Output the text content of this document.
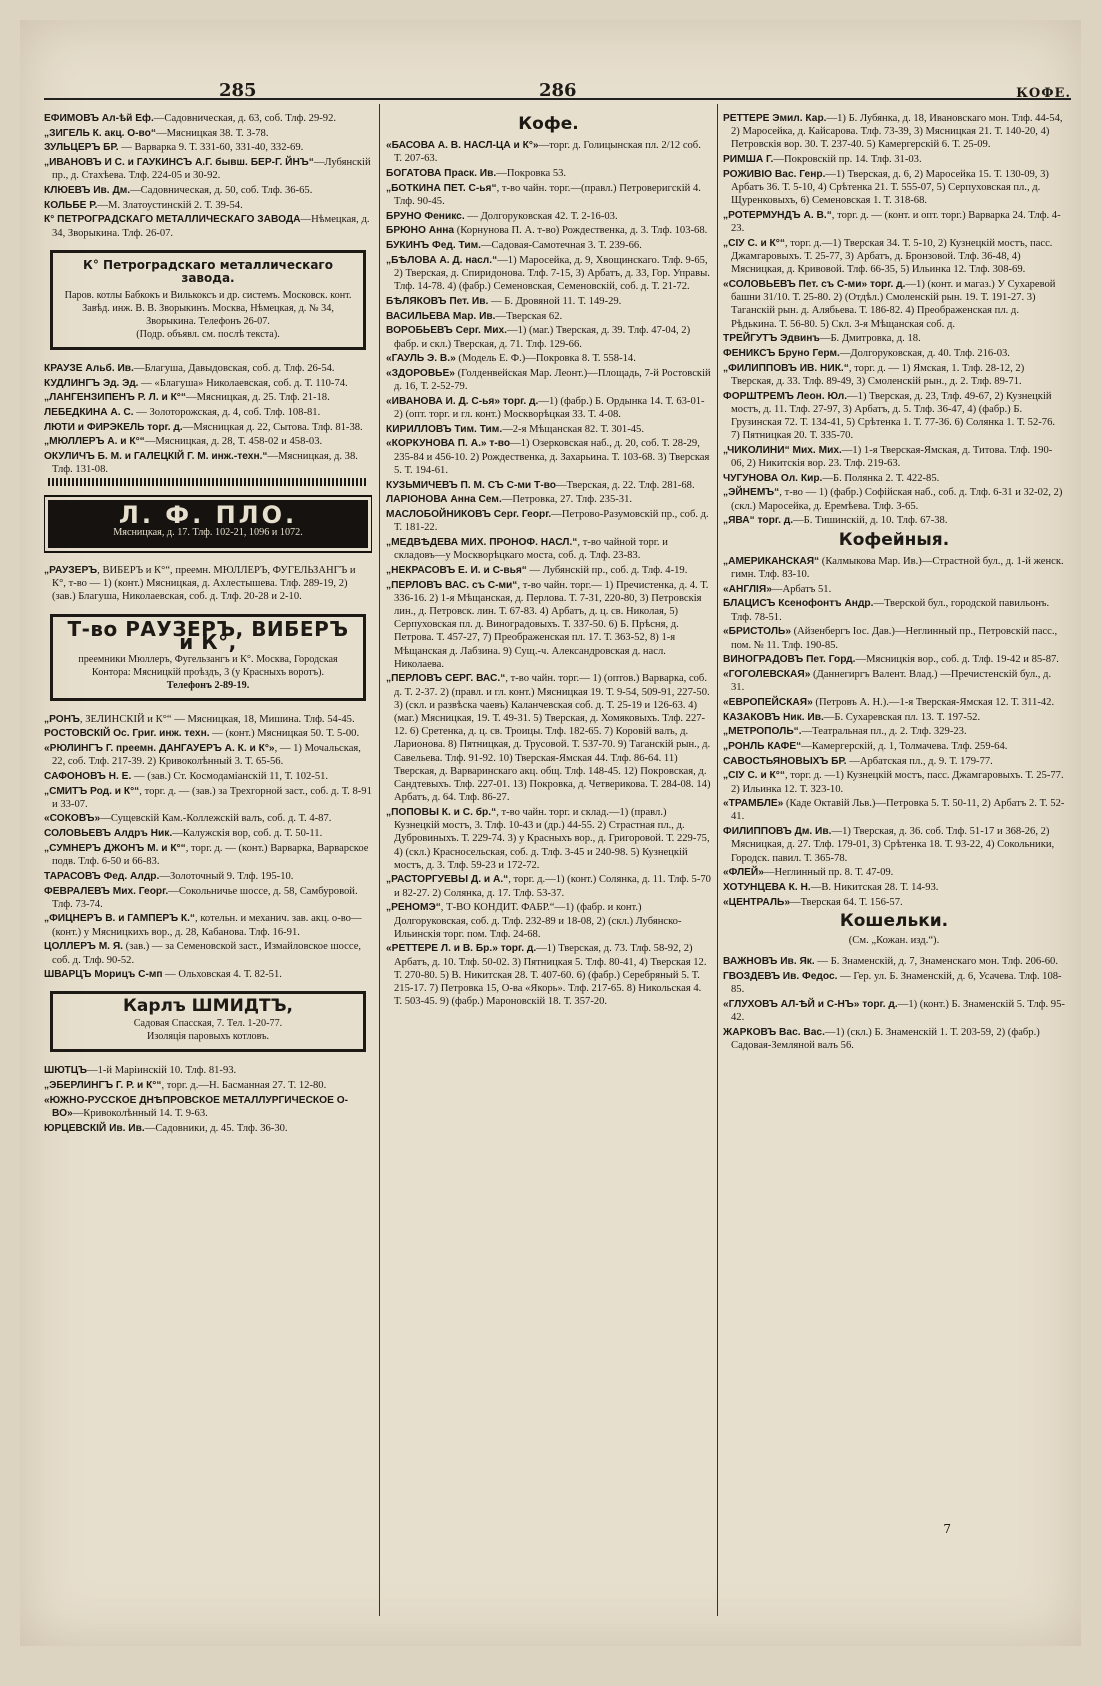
285	286	КОФЕ.
ЕФИМОВЪ Ал-ѣй Еф.—Садовническая, д. 63, соб. Тлф. 29-92.
„ЗИГЕЛЬ К. акц. О-во“—Мясницкая 38. Т. 3-78.
ЗУЛЬЦЕРЪ БР. — Варварка 9. Т. 331-60, 331-40, 332-69.
„ИВАНОВЪ И С. и ГАУКИНСЪ А.Г. бывш. БЕР-Г. ЙНЪ“—Лубянскій пр., д. Стахѣева. Тлф. 224-05 и 30-92.
КЛЮЕВЪ Ив. Дм.—Садовническая, д. 50, соб. Тлф. 36-65.
КОЛЬБЕ Р.—М. Златоустинскій 2. Т. 39-54.
К° ПЕТРОГРАДСКАГО МЕТАЛЛИЧЕСКАГО ЗАВОДА—Нѣмецкая, д. 34, Зворыкина. Тлф. 26-07.
К° Петроградскаго металлическаго завода.
Паров. котлы Бабкокъ и Вилькоксъ и др. системъ. Московск. конт. Завѣд. инж. В. В. Зворыкинъ. Москва, Нѣмецкая, д. № 34, Зворыкина. Телефонъ 26-07.
(Подр. объявл. см. послѣ текста).
КРАУЗЕ Альб. Ив.—Благуша, Давыдовская, соб. д. Тлф. 26-54.
КУДЛИНГЪ Эд. Эд. — «Благуша» Николаевская, соб. д. Т. 110-74.
„ЛАНГЕНЗИПЕНЪ Р. Л. и К°“—Мясницкая, д. 25. Тлф. 21-18.
ЛЕБЕДКИНА А. С. — Золоторожская, д. 4, соб. Тлф. 108-81.
ЛЮТИ и ФИРЭКЕЛЬ торг. д.—Мясницкая д. 22, Сытова. Тлф. 81-38.
„МЮЛЛЕРЪ А. и К°“—Мясницкая, д. 28, Т. 458-02 и 458-03.
ОКУЛИЧЪ Б. М. и ГАЛЕЦКІЙ Г. М. инж.-техн.“—Мясницкая, д. 38. Тлф. 131-08.
Л. Ф. ПЛО.
Мясницкая, д. 17. Тлф. 102-21, 1096 и 1072.
„РАУЗЕРЪ, ВИБЕРЪ и К°“, преемн. МЮЛЛЕРЪ, ФУГЕЛЬЗАНГЪ и К°, т-во — 1) (конт.) Мясницкая, д. Ахлестышева. Тлф. 289-19, 2) (зав.) Благуша, Николаевская, соб. д. Тлф. 20-28 и 2-10.
Т-во РАУЗЕРЪ, ВИБЕРЪ и К°,
преемники Мюллеръ, Фугельзангъ и К°. Москва, Городская Контора: Мясницкій проѣздъ, 3 (у Красныхъ воротъ).
Телефонъ 2-89-19.
„РОНЪ, ЗЕЛИНСКІЙ и К°“ — Мясницкая, 18, Мишина. Тлф. 54-45.
РОСТОВСКІЙ Ос. Григ. инж. техн. — (конт.) Мясницкая 50. Т. 5-00.
«РЮЛИНГЪ Г. преемн. ДАНГАУЕРЪ А. К. и К°», — 1) Мочальская, 22, соб. Тлф. 217-39. 2) Кривоколѣнный 3. Т. 65-56.
САФОНОВЪ Н. Е. — (зав.) Ст. Космодаміанскій 11, Т. 102-51.
„СМИТЪ Род. и К°“, торг. д. — (зав.) за Трехгорной заст., соб. д. Т. 8-91 и 33-07.
«СОКОВЪ»—Сущевскій Кам.-Коллежскій валъ, соб. д. Т. 4-87.
СОЛОВЬЕВЪ Алдръ Ник.—Калужскія вор, соб. д. Т. 50-11.
„СУМНЕРЪ ДЖОНЪ М. и К°“, торг. д. — (конт.) Варварка, Варварское подв. Тлф. 6-50 и 66-83.
ТАРАСОВЪ Фед. Алдр.—Золоточный 9. Тлф. 195-10.
ФЕВРАЛЕВЪ Мих. Георг.—Сокольничье шоссе, д. 58, Самбуровой. Тлф. 73-74.
„ФИЦНЕРЪ В. и ГАМПЕРЪ К.“, котельн. и механич. зав. акц. о-во—(конт.) у Мясницкихъ вор., д. 28, Кабанова. Тлф. 16-91.
ЦОЛЛЕРЪ М. Я. (зав.) — за Семеновской заст., Измайловское шоссе, соб. д. Тлф. 90-52.
ШВАРЦЪ Морицъ С-мп — Ольховская 4. Т. 82-51.
Карлъ ШМИДТЪ,
Садовая Спасская, 7. Тел. 1-20-77.
Изоляція паровыхъ котловъ.
ШЮТЦЪ—1-й Маріинскій 10. Тлф. 81-93.
„ЭБЕРЛИНГЪ Г. Р. и К°“, торг. д.—Н. Басманная 27. Т. 12-80.
«ЮЖНО-РУССКОЕ ДНѢПРОВСКОЕ МЕТАЛЛУРГИЧЕСКОЕ О-ВО»—Кривоколѣнный 14. Т. 9-63.
ЮРЦЕВСКІЙ Ив. Ив.—Садовники, д. 45. Тлф. 36-30.
Кофе.
«БАСОВА А. В. НАСЛ-ЦА и К°»—торг. д. Голицынская пл. 2/12 соб. Т. 207-63.
БОГАТОВА Праск. Ив.—Покровка 53.
„БОТКИНА ПЕТ. С-ья“, т-во чайн. торг.—(правл.) Петроверигскій 4. Тлф. 90-45.
БРУНО Феникс. — Долгоруковская 42. Т. 2-16-03.
БРЮНО Анна (Корнунова П. А. т-во) Рождественка, д. 3. Тлф. 103-68.
БУКИНЪ Фед. Тим.—Садовая-Самотечная 3. Т. 239-66.
„БѢЛОВА А. Д. насл.“—1) Маросейка, д. 9, Хвощинскаго. Тлф. 9-65, 2) Тверская, д. Спиридонова. Тлф. 7-15, 3) Арбатъ, д. 33, Гор. Управы. Тлф. 14-78. 4) (фабр.) Семеновская, Семеновскій, соб. д. Т. 21-72.
БѢЛЯКОВЪ Пет. Ив. — Б. Дровяной 11. Т. 149-29.
ВАСИЛЬЕВА Мар. Ив.—Тверская 62.
ВОРОБЬЕВЪ Серг. Мих.—1) (маг.) Тверская, д. 39. Тлф. 47-04, 2) фабр. и скл.) Тверская, д. 71. Тлф. 129-66.
«ГАУЛЬ Э. В.» (Модель Е. Ф.)—Покровка 8. Т. 558-14.
«ЗДОРОВЬЕ» (Голденвейская Мар. Леонт.)—Площадь, 7-й Ростовскій д. 16, Т. 2-52-79.
«ИВАНОВА И. Д. С-ья» торг. д.—1) (фабр.) Б. Ордынка 14. Т. 63-01- 2) (опт. торг. и гл. конт.) Москворѣцкая 33. Т. 4-08.
КИРИЛЛОВЪ Тим. Тим.—2-я Мѣщанская 82. Т. 301-45.
«КОРКУНОВА П. А.» т-во—1) Озерковская наб., д. 20, соб. Т. 28-29, 235-84 и 456-10. 2) Рождественка, д. Захарьина. Т. 103-68. 3) Тверская 5. Т. 194-61.
КУЗЬМИЧЕВЪ П. М. СЪ С-ми Т-во—Тверская, д. 22. Тлф. 281-68.
ЛАРІОНОВА Анна Сем.—Петровка, 27. Тлф. 235-31.
МАСЛОБОЙНИКОВЪ Серг. Георг.—Петрово-Разумовскій пр., соб. д. Т. 181-22.
„МЕДВѢДЕВА МИХ. ПРОНОФ. НАСЛ.“, т-во чайной торг. и складовъ—у Москворѣцкаго моста, соб. д. Тлф. 23-83.
„НЕКРАСОВЪ Е. И. и С-вья“ — Лубянскій пр., соб. д. Тлф. 4-19.
„ПЕРЛОВЪ ВАС. съ С-ми“, т-во чайн. торг.— 1) Пречистенка, д. 4. Т. 336-16. 2) 1-я Мѣщанская, д. Перлова. Т. 7-31, 220-80, 3) Петровскія лин., д. Петровск. лин. Т. 67-83. 4) Арбатъ, д. ц. св. Николая, 5) Серпуховская пл. д. Виноградовыхъ. Т. 337-50. 6) Б. Прѣсня, д. Петрова. Т. 457-27, 7) Преображенская пл. 17. Т. 363-52, 8) 1-я Мѣщанская д. Лабзина. 9) Сущ.-ч. Александровская д. насл. Николаева.
„ПЕРЛОВЪ СЕРГ. ВАС.“, т-во чайн. торг.— 1) (оптов.) Варварка, соб. д. Т. 2-37. 2) (правл. и гл. конт.) Мясницкая 19. Т. 9-54, 509-91, 227-50. 3) (скл. и развѣска чаевъ) Каланчевская соб. д. Т. 25-19 и 126-63. 4) (маг.) Мясницкая, 19. Т. 49-31. 5) Тверская, д. Хомяковыхъ. Тлф. 227-12. 6) Сретенка, д. ц. св. Троицы. Тлф. 182-65. 7) Коровій валъ, д. Ларионова. 8) Пятницкая, д. Труcовой. Т. 537-70. 9) Таганскій рын., д. Савельева. Тлф. 91-92. 10) Тверская-Ямская 44. Тлф. 86-64. 11) Тверская, д. Варваринскаго акц. общ. Тлф. 148-45. 12) Покровская, д. Сандтевыхъ. Тлф. 227-01. 13) Покровка, д. Четверикова. Т. 284-08. 14) Арбатъ, д. 64. Тлф. 86-27.
„ПОПОВЫ К. и С. бр.“, т-во чайн. торг. и склад.—1) (правл.) Кузнецкій мостъ, 3. Тлф. 10-43 и (др.) 44-55. 2) Страстная пл., д. Дубровиныхъ. Т. 229-74. 3) у Красныхъ вор., д. Григоровой. Т. 229-75, 4) (скл.) Красносельская, соб. д. Тлф. 3-45 и 240-98. 5) Кузнецкій мостъ, д. 3. Тлф. 59-23 и 172-72.
„РАСТОРГУЕВЫ Д. и А.“, торг. д.—1) (конт.) Солянка, д. 11. Тлф. 5-70 и 82-27. 2) Солянка, д. 17. Тлф. 53-37.
„РЕНОМЭ“, Т-ВО КОНДИТ. ФАБР.“—1) (фабр. и конт.) Долгоруковская, соб. д. Тлф. 232-89 и 18-08, 2) (скл.) Лубянско-Ильинскія торг. пом. Тлф. 24-68.
«РЕТТЕРЕ Л. и В. Бр.» торг. д.—1) Тверская, д. 73. Тлф. 58-92, 2) Арбатъ, д. 10. Тлф. 50-02. 3) Пятницкая 5. Тлф. 80-41, 4) Тверская 12. Т. 270-80. 5) В. Никитская 28. Т. 407-60. 6) (фабр.) Серебряный 5. Т. 215-17. 7) Петровка 15, О-ва «Якорь». Тлф. 217-65. 8) Никольская 4. Т. 503-45. 9) (фабр.) Мароновскій 18. Т. 357-20.
РЕТТЕРЕ Эмил. Кар.—1) Б. Лубянка, д. 18, Ивановскаго мон. Тлф. 44-54, 2) Маросейка, д. Кайсарова. Тлф. 73-39, 3) Мясницкая 21. Т. 140-20, 4) Петровскія вор. 30. Т. 237-40. 5) Камергерскій 6. Т. 25-09.
РИМША Г.—Покровскій пр. 14. Тлф. 31-03.
РОЖИВІО Вас. Генр.—1) Тверская, д. 6, 2) Маросейка 15. Т. 130-09, 3) Арбатъ 36. Т. 5-10, 4) Срѣтенка 21. Т. 555-07, 5) Серпуховская пл., д. Щуренковыхъ, 6) Семеновская 1. Т. 318-68.
„РОТЕРМУНДЪ А. В.“, торг. д. — (конт. и опт. торг.) Варварка 24. Тлф. 4-23.
„СІУ С. и К°“, торг. д.—1) Тверская 34. Т. 5-10, 2) Кузнецкій мостъ, пасс. Джамгаровыхъ. Т. 25-77, 3) Арбатъ, д. Бронзовой. Тлф. 36-48, 4) Мясницкая, д. Кривовой. Тлф. 66-35, 5) Ильинка 12. Тлф. 308-69.
«СОЛОВЬЕВЪ Пет. съ С-ми» торг. д.—1) (конт. и магаз.) У Сухаревой башни 31/10. Т. 25-80. 2) (Отдѣл.) Смоленскій рын. 19. Т. 191-27. 3) Таганскій рын. д. Алябьева. Т. 186-82. 4) Преображенская пл. д. Рѣдькина. Т. 56-80. 5) Скл. 3-я Мѣщанская соб. д.
ТРЕЙГУТЪ Эдвинъ—Б. Дмитровка, д. 18.
ФЕНИКСЪ Бруно Герм.—Долгоруковская, д. 40. Тлф. 216-03.
„ФИЛИППОВЪ ИВ. НИК.“, торг. д. — 1) Ямская, 1. Тлф. 28-12, 2) Тверская, д. 33. Тлф. 89-49, 3) Смоленскій рын., д. 2. Тлф. 89-71.
ФОРШТРЕМЪ Леон. Юл.—1) Тверская, д. 23, Тлф. 49-67, 2) Кузнецкій мостъ, д. 11. Тлф. 27-97, 3) Арбатъ, д. 5. Тлф. 36-47, 4) (фабр.) Б. Грузинская 72. Т. 134-41, 5) Срѣтенка 1. Т. 77-36. 6) Солянка 1. Т. 52-76. 7) Пятницкая 20. Т. 335-70.
„ЧИКОЛИНИ“ Мих. Мих.—1) 1-я Тверская-Ямская, д. Титова. Тлф. 190-06, 2) Никитскія вор. 23. Тлф. 219-63.
ЧУГУНОВА Ол. Кир.—Б. Полянка 2. Т. 422-85.
„ЭЙНЕМЪ“, т-во — 1) (фабр.) Софійская наб., соб. д. Тлф. 6-31 и 32-02, 2) (скл.) Маросейка, д. Еремѣева. Тлф. 3-65.
„ЯВА“ торг. д.—Б. Тишинскій, д. 10. Тлф. 67-38.
Кофейныя.
„АМЕРИКАНСКАЯ“ (Калмыкова Мар. Ив.)—Страстной бул., д. 1-й женск. гимн. Тлф. 83-10.
«АНГЛІЯ»—Арбатъ 51.
БЛАЦИСЪ Ксенофонтъ Андр.—Тверской бул., городской павильонъ. Тлф. 78-51.
«БРИСТОЛЬ» (Айзенбергъ Іос. Дав.)—Неглинный пр., Петровскій пасс., пом. № 11. Тлф. 190-85.
ВИНОГРАДОВЪ Пет. Горд.—Мясницкія вор., соб. д. Тлф. 19-42 и 85-87.
«ГОГОЛЕВСКАЯ» (Даннегиргъ Валент. Влад.) —Пречистенскій бул., д. 31.
«ЕВРОПЕЙСКАЯ» (Петровъ А. Н.).—1-я Тверская-Ямская 12. Т. 311-42.
КАЗАКОВЪ Ник. Ив.—Б. Сухаревская пл. 13. Т. 197-52.
„МЕТРОПОЛЬ“.—Театральная пл., д. 2. Тлф. 329-23.
„РОНЛЬ КАФЕ“—Камергерскій, д. 1, Толмачева. Тлф. 259-64.
САВОСТЬЯНОВЫХЪ БР. —Арбатская пл., д. 9. Т. 179-77.
„СІУ С. и К°“, торг. д. —1) Кузнецкій мостъ, пасс. Джамгаровыхъ. Т. 25-77. 2) Ильинка 12. Т. 323-10.
«ТРАМБЛЕ» (Каде Октавій Льв.)—Петровка 5. Т. 50-11, 2) Арбатъ 2. Т. 52-41.
ФИЛИППОВЪ Дм. Ив.—1) Тверская, д. 36. соб. Тлф. 51-17 и 368-26, 2) Мясницкая, д. 27. Тлф. 179-01, 3) Срѣтенка 18. Т. 93-22, 4) Сокольники, Городск. павил. Т. 365-78.
«ФЛЕЙ»—Неглинный пр. 8. Т. 47-09.
ХОТУНЦЕВА К. Н.—В. Никитская 28. Т. 14-93.
«ЦЕНТРАЛЬ»—Тверская 64. Т. 156-57.
Кошельки.
(См. „Кожан. изд.“).
ВАЖНОВЪ Ив. Як. — Б. Знаменскій, д. 7, Знаменскаго мон. Тлф. 206-60.
ГВОЗДЕВЪ Ив. Федос. — Гер. ул. Б. Знаменскій, д. 6, Усачева. Тлф. 108-85.
«ГЛУХОВЪ АЛ-ѢЙ и С-НЪ» торг. д.—1) (конт.) Б. Знаменскій 5. Тлф. 95-42.
ЖАРКОВЪ Вас. Вас.—1) (скл.) Б. Знаменскій 1. Т. 203-59, 2) (фабр.) Садовая-Земляной валъ 56.
7
